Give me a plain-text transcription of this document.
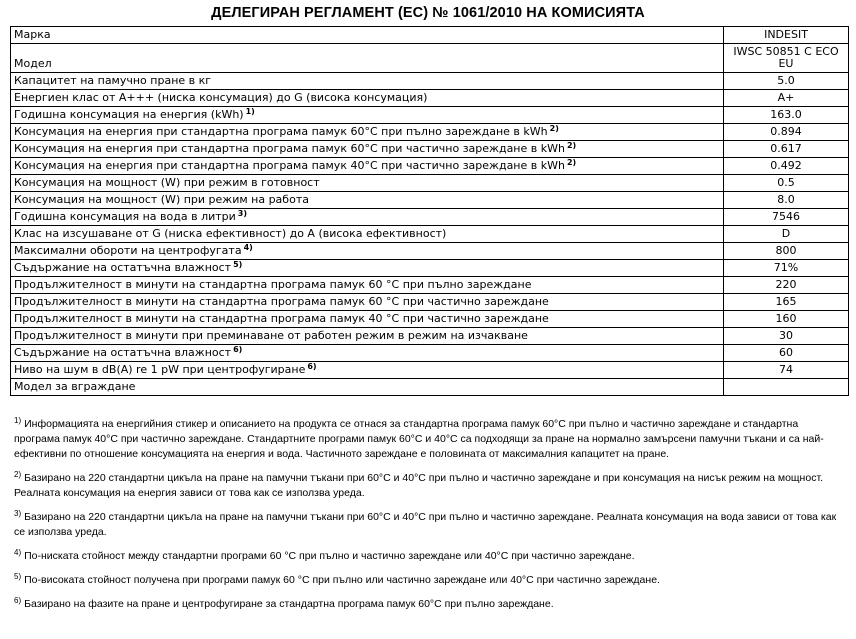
ДЕЛЕГИРАН РЕГЛАМЕНТ (ЕС) № 1061/2010 НА КОМИСИЯТА
Марка	INDESIT
Модел	IWSC 50851 C ECO EU
Капацитет на памучно пране в кг	5.0
Енергиен клас от А+++ (ниска консумация) до G (висока консумация)	A+
Годишна консумация на енергия (kWh) $^{1)}$	163.0
Консумация на енергия при стандартна програма памук 60°C при пълно зареждане в kWh $^{2)}$	0.894
Консумация на енергия при стандартна програма памук 60°C при частично зареждане в kWh $^{2)}$	0.617
Консумация на енергия при стандартна програма памук 40°C при частично зареждане в kWh $^{2)}$	0.492
Консумация на мощност (W) при режим в готовност	0.5
Консумация на мощност (W) при режим на работа	8.0
Годишна консумация на вода в литри $^{3)}$	7546
Клас на изсушаване от G (ниска ефективност) до А (висока ефективност)	D
Максимални обороти на центрофугата $^{4)}$	800
Съдържание на остатъчна влажност $^{5)}$	71%
Продължителност в минути на стандартна програма памук 60 °C при пълно зареждане	220
Продължителност в минути на стандартна програма памук 60 °C при частично зареждане	165
Продължителност в минути на стандартна програма памук 40 °C при частично зареждане	160
Продължителност в минути при преминаване от работен режим в режим на изчакване	30
Съдържание на остатъчна влажност $^{6)}$	60
Ниво на шум в dB(A) re 1 pW при центрофугиране $^{6)}$	74
Модел за вграждане	

$^{1)}$ Информацията на енергийния стикер и описанието на продукта се отнася за стандартна програма памук 60°C при пълно и частично зареждане и стандартна програма памук 40°C при частично зареждане. Стандартните програми памук 60°C и 40°C са подходящи за пране на нормално замърсени памучни тъкани и са най-ефективни по отношение консумацията на енергия и вода. Частичното зареждане е половината от максималния капацитет на пране.

$^{2)}$ Базирано на 220 стандартни цикъла на пране на памучни тъкани при 60°C и 40°C при пълно и частично зареждане и при консумация на нисък режим на мощност. Реалната консумация на енергия зависи от това как се използва уреда.

$^{3)}$ Базирано на 220 стандартни цикъла на пране на памучни тъкани при 60°C и 40°C при пълно и частично зареждане. Реалната консумация на вода зависи от това как се използва уреда.

$^{4)}$ По-ниската стойност между стандартни програми 60 °C при пълно и частично зареждане или 40°C при частично зареждане.

$^{5)}$ По-високата стойност получена при програми памук 60 °C при пълно или частично зареждане или 40°C при частично зареждане.

$^{6)}$ Базирано на фазите на пране и центрофугиране за стандартна програма памук 60°C при пълно зареждане.
